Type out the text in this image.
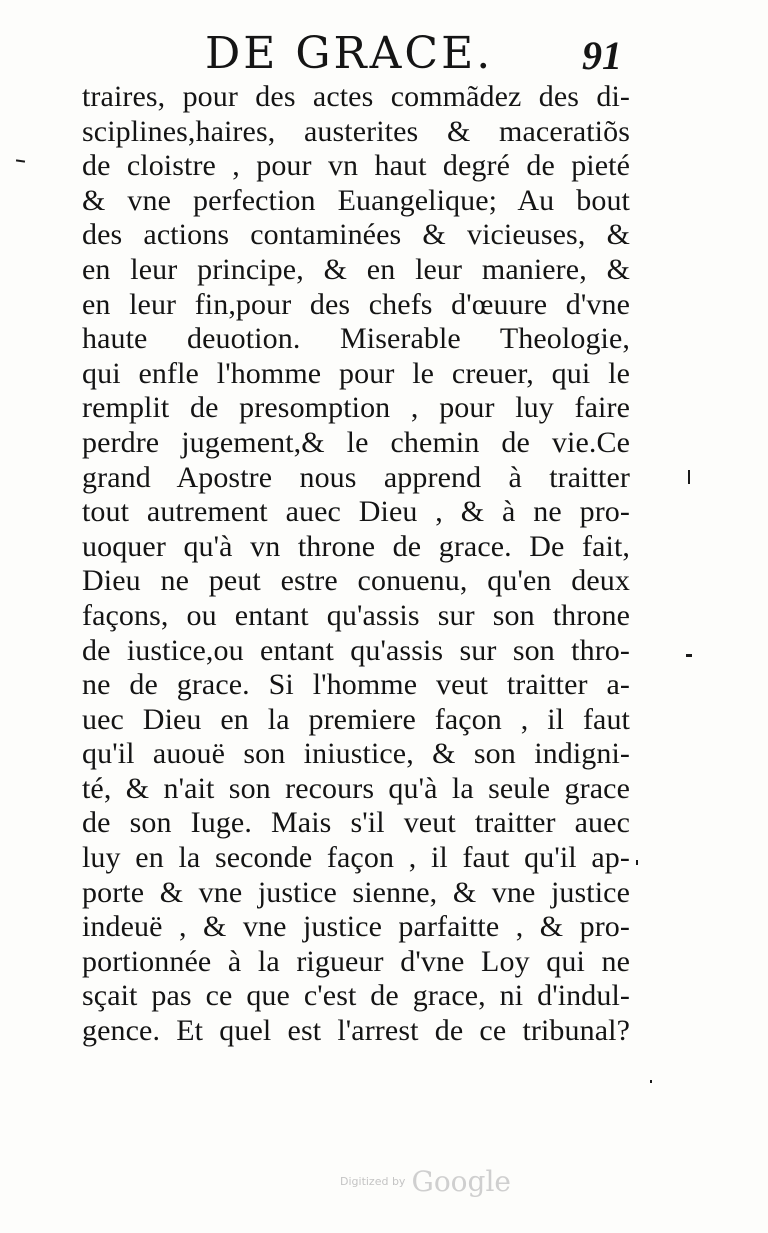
DE GRACE. 91
traires, pour des actes commãdez des di-
sciplines,haires, austerites & maceratiõs
de cloistre , pour vn haut degré de pieté
& vne perfection Euangelique; Au bout
des actions contaminées & vicieuses, &
en leur principe, & en leur maniere, &
en leur fin,pour des chefs d'œuure d'vne
haute deuotion. Miserable Theologie,
qui enfle l'homme pour le creuer, qui le
remplit de presomption , pour luy faire
perdre jugement,& le chemin de vie.Ce
grand Apostre nous apprend à traitter
tout autrement auec Dieu , & à ne pro-
uoquer qu'à vn throne de grace. De fait,
Dieu ne peut estre conuenu, qu'en deux
façons, ou entant qu'assis sur son throne
de iustice,ou entant qu'assis sur son thro-
ne de grace. Si l'homme veut traitter a-
uec Dieu en la premiere façon , il faut
qu'il auouë son iniustice, & son indigni-
té, & n'ait son recours qu'à la seule grace
de son Iuge. Mais s'il veut traitter auec
luy en la seconde façon , il faut qu'il ap-
porte & vne justice sienne, & vne justice
indeuë , & vne justice parfaitte , & pro-
portionnée à la rigueur d'vne Loy qui ne
sçait pas ce que c'est de grace, ni d'indul-
gence. Et quel est l'arrest de ce tribunal?
Digitized by Google
